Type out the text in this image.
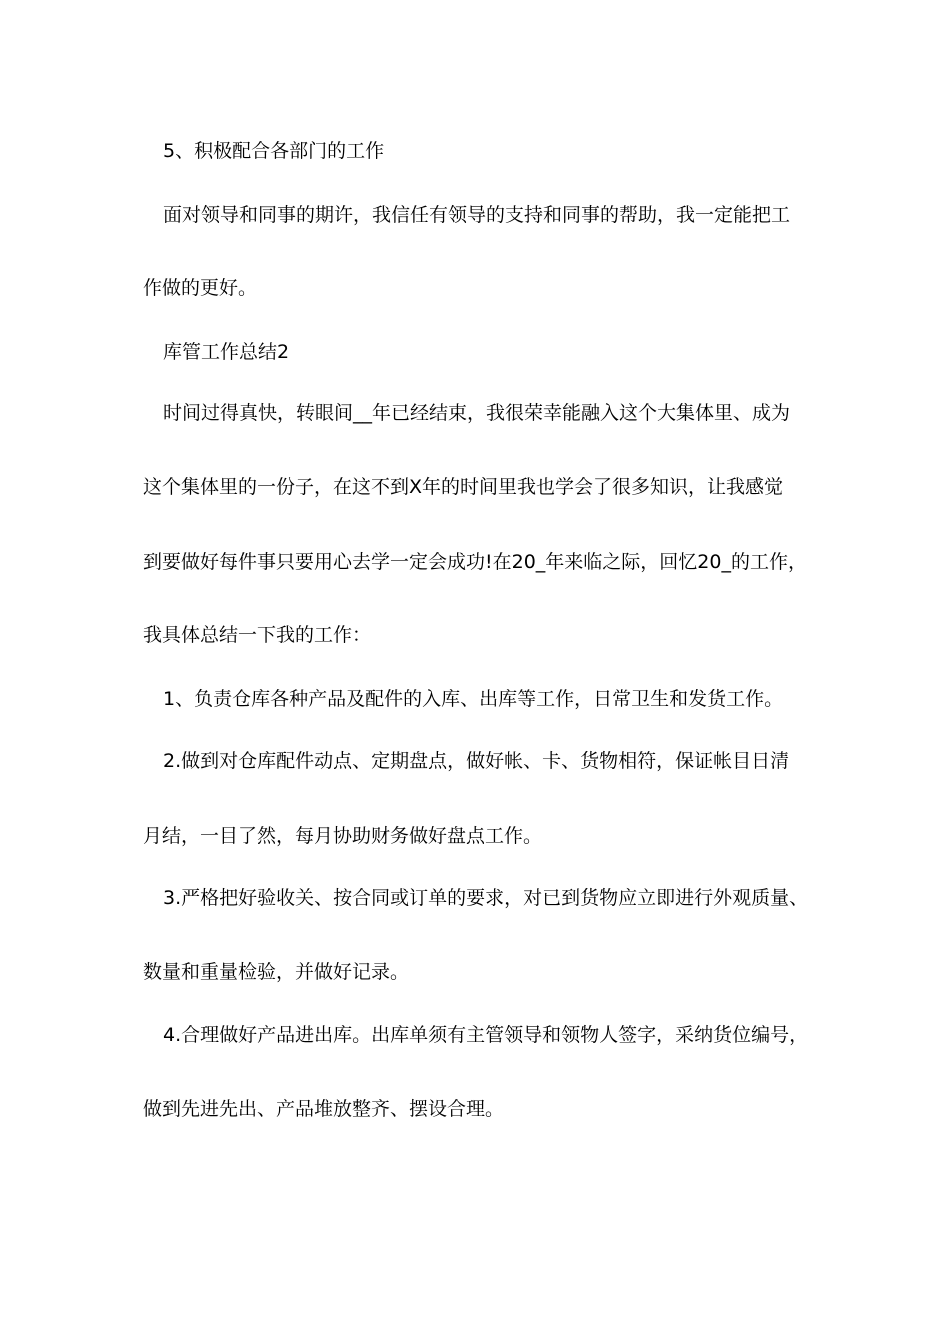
5、积极配合各部门的工作
面对领导和同事的期许，我信任有领导的支持和同事的帮助，我一定能把工
作做的更好。
库管工作总结2
时间过得真快，转眼间__年已经结束，我很荣幸能融入这个大集体里、成为
这个集体里的一份子，在这不到X年的时间里我也学会了很多知识，让我感觉
到要做好每件事只要用心去学一定会成功!在20_年来临之际，回忆20_的工作，
我具体总结一下我的工作：
1、负责仓库各种产品及配件的入库、出库等工作，日常卫生和发货工作。
2.做到对仓库配件动点、定期盘点，做好帐、卡、货物相符，保证帐目日清
月结，一目了然，每月协助财务做好盘点工作。
3.严格把好验收关、按合同或订单的要求，对已到货物应立即进行外观质量、
数量和重量检验，并做好记录。
4.合理做好产品进出库。出库单须有主管领导和领物人签字，采纳货位编号，
做到先进先出、产品堆放整齐、摆设合理。
